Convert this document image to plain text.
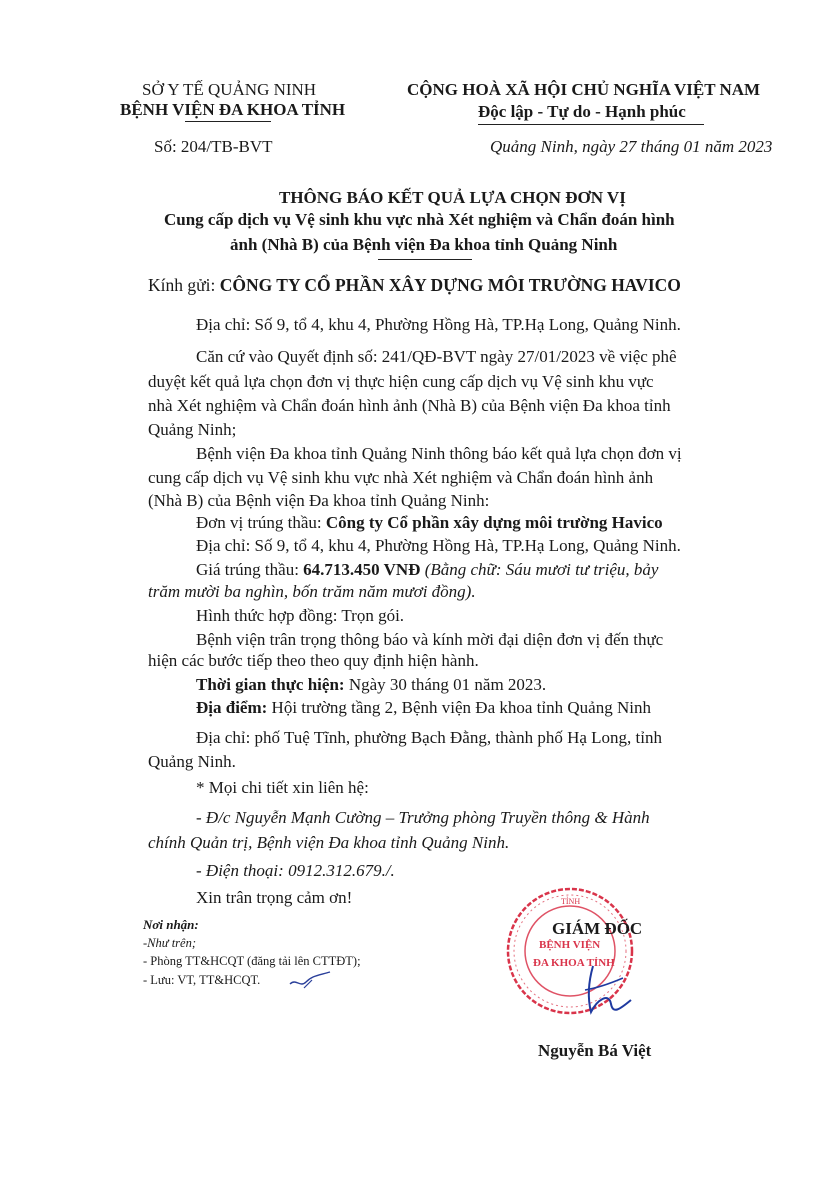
SỞ Y TẾ QUẢNG NINH
BỆNH VIỆN ĐA KHOA TỈNH
Số: 204/TB-BVT
CỘNG HOÀ XÃ HỘI CHỦ NGHĨA VIỆT NAM
Độc lập - Tự do - Hạnh phúc
Quảng Ninh, ngày 27 tháng 01 năm 2023
THÔNG BÁO KẾT QUẢ LỰA CHỌN ĐƠN VỊ
Cung cấp dịch vụ Vệ sinh khu vực nhà Xét nghiệm và Chẩn đoán hình
ảnh (Nhà B) của Bệnh viện Đa khoa tỉnh Quảng Ninh
Kính gửi: CÔNG TY CỔ PHẦN XÂY DỰNG MÔI TRƯỜNG HAVICO
Địa chỉ: Số 9, tổ 4, khu 4, Phường Hồng Hà, TP.Hạ Long, Quảng Ninh.
Căn cứ vào Quyết định số: 241/QĐ-BVT ngày 27/01/2023 về việc phê
duyệt kết quả lựa chọn đơn vị thực hiện cung cấp dịch vụ Vệ sinh khu vực
nhà Xét nghiệm và Chẩn đoán hình ảnh (Nhà B) của Bệnh viện Đa khoa tỉnh
Quảng Ninh;
Bệnh viện Đa khoa tỉnh Quảng Ninh thông báo kết quả lựa chọn đơn vị
cung cấp dịch vụ Vệ sinh khu vực nhà Xét nghiệm và Chẩn đoán hình ảnh
(Nhà B) của Bệnh viện Đa khoa tỉnh Quảng Ninh:
Đơn vị trúng thầu: Công ty Cổ phần xây dựng môi trường Havico
Địa chỉ: Số 9, tổ 4, khu 4, Phường Hồng Hà, TP.Hạ Long, Quảng Ninh.
Giá trúng thầu: 64.713.450 VNĐ (Bằng chữ: Sáu mươi tư triệu, bảy
trăm mười ba nghìn, bốn trăm năm mươi đồng).
Hình thức hợp đồng: Trọn gói.
Bệnh viện trân trọng thông báo và kính mời đại diện đơn vị đến thực
hiện các bước tiếp theo theo quy định hiện hành.
Thời gian thực hiện: Ngày 30 tháng 01 năm 2023.
Địa điểm: Hội trường tầng 2, Bệnh viện Đa khoa tỉnh Quảng Ninh
Địa chỉ: phố Tuệ Tĩnh, phường Bạch Đằng, thành phố Hạ Long, tỉnh
Quảng Ninh.
* Mọi chi tiết xin liên hệ:
- Đ/c Nguyễn Mạnh Cường – Trưởng phòng Truyền thông & Hành
chính Quản trị, Bệnh viện Đa khoa tỉnh Quảng Ninh.
- Điện thoại: 0912.312.679./.
Xin trân trọng cảm ơn!
Nơi nhận:
-Như trên;
- Phòng TT&HCQT (đăng tải lên CTTĐT);
- Lưu: VT, TT&HCQT.
TỈNH
BỆNH VIỆN
ĐA KHOA TỈNH
GIÁM ĐỐC
Nguyễn Bá Việt
